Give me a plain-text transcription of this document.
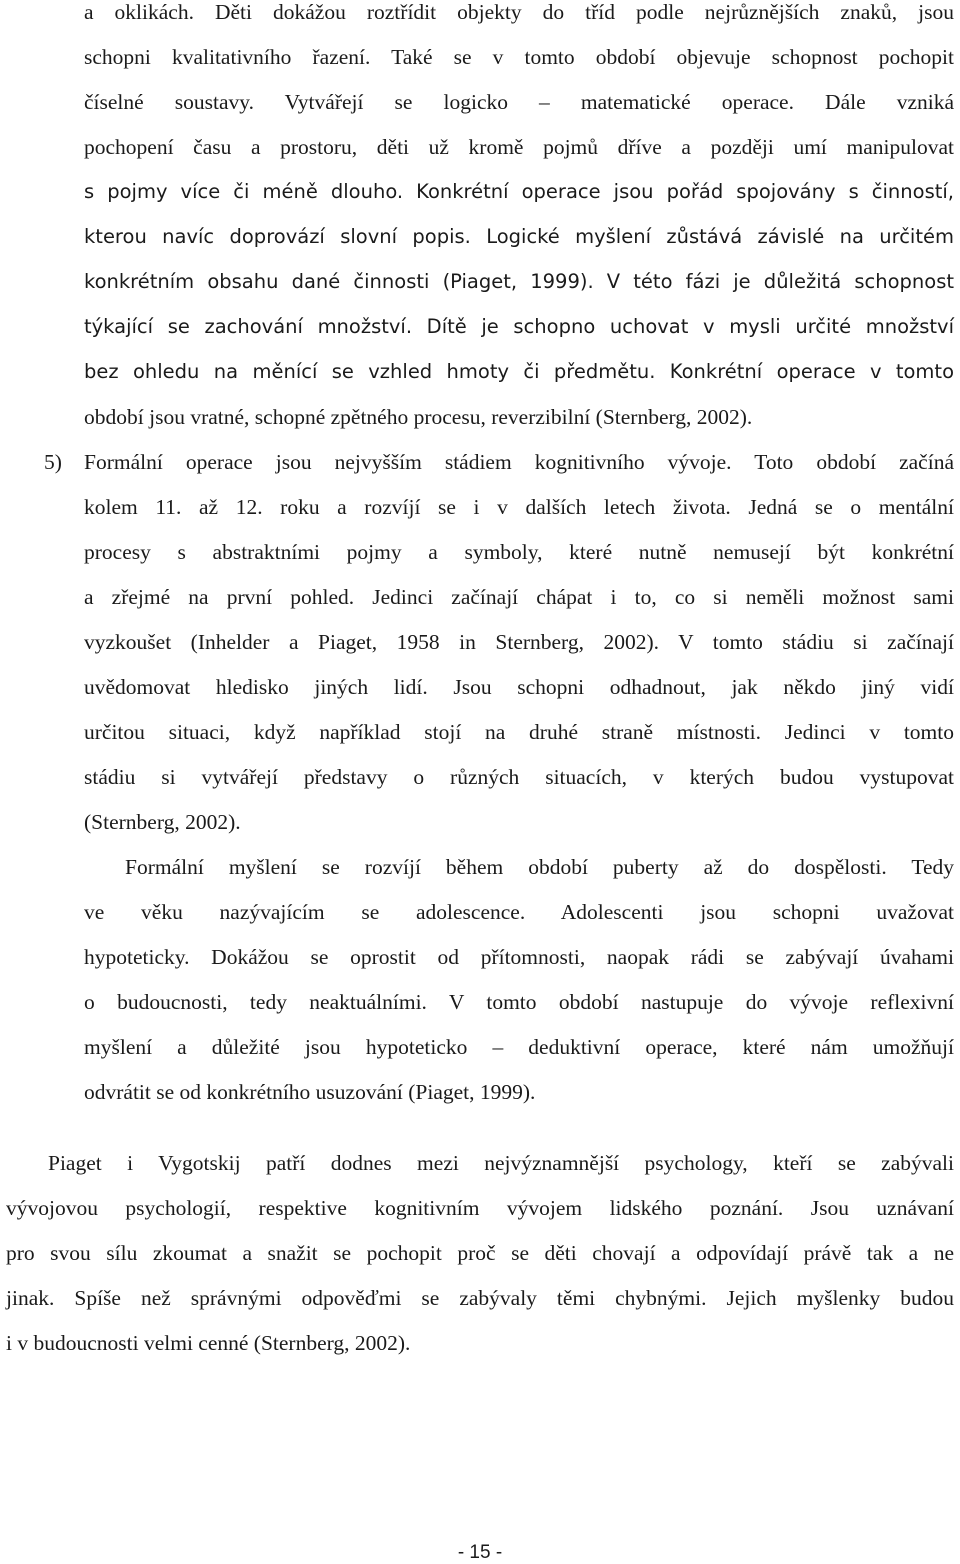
a oklikách. Děti dokážou roztřídit objekty do tříd podle nejrůznějších znaků, jsou
schopni kvalitativního řazení. Také se v tomto období objevuje schopnost pochopit
číselné soustavy. Vytvářejí se logicko – matematické operace. Dále vzniká
pochopení času a prostoru, děti už kromě pojmů dříve a později umí manipulovat
s pojmy více či méně dlouho. Konkrétní operace jsou pořád spojovány s činností,
kterou navíc doprovází slovní popis. Logické myšlení zůstává závislé na určitém
konkrétním obsahu dané činnosti (Piaget, 1999). V této fázi je důležitá schopnost
týkající se zachování množství. Dítě je schopno uchovat v mysli určité množství
bez ohledu na měnící se vzhled hmoty či předmětu. Konkrétní operace v tomto
období jsou vratné, schopné zpětného procesu, reverzibilní (Sternberg, 2002).
5) Formální operace jsou nejvyšším stádiem kognitivního vývoje. Toto období začíná
kolem 11. až 12. roku a rozvíjí se i v dalších letech života. Jedná se o mentální
procesy s abstraktními pojmy a symboly, které nutně nemusejí být konkrétní
a zřejmé na první pohled. Jedinci začínají chápat i to, co si neměli možnost sami
vyzkoušet (Inhelder a Piaget, 1958 in Sternberg, 2002). V tomto stádiu si začínají
uvědomovat hledisko jiných lidí. Jsou schopni odhadnout, jak někdo jiný vidí
určitou situaci, když například stojí na druhé straně místnosti. Jedinci v tomto
stádiu si vytvářejí představy o různých situacích, v kterých budou vystupovat
(Sternberg, 2002).
Formální myšlení se rozvíjí během období puberty až do dospělosti. Tedy
ve věku nazývajícím se adolescence. Adolescenti jsou schopni uvažovat
hypoteticky. Dokážou se oprostit od přítomnosti, naopak rádi se zabývají úvahami
o budoucnosti, tedy neaktuálními. V tomto období nastupuje do vývoje reflexivní
myšlení a důležité jsou hypoteticko – deduktivní operace, které nám umožňují
odvrátit se od konkrétního usuzování (Piaget, 1999).
Piaget i Vygotskij patří dodnes mezi nejvýznamnější psychology, kteří se zabývali
vývojovou psychologií, respektive kognitivním vývojem lidského poznání. Jsou uznávaní
pro svou sílu zkoumat a snažit se pochopit proč se děti chovají a odpovídají právě tak a ne
jinak. Spíše než správnými odpověďmi se zabývaly těmi chybnými. Jejich myšlenky budou
i v budoucnosti velmi cenné (Sternberg, 2002).
- 15 -
